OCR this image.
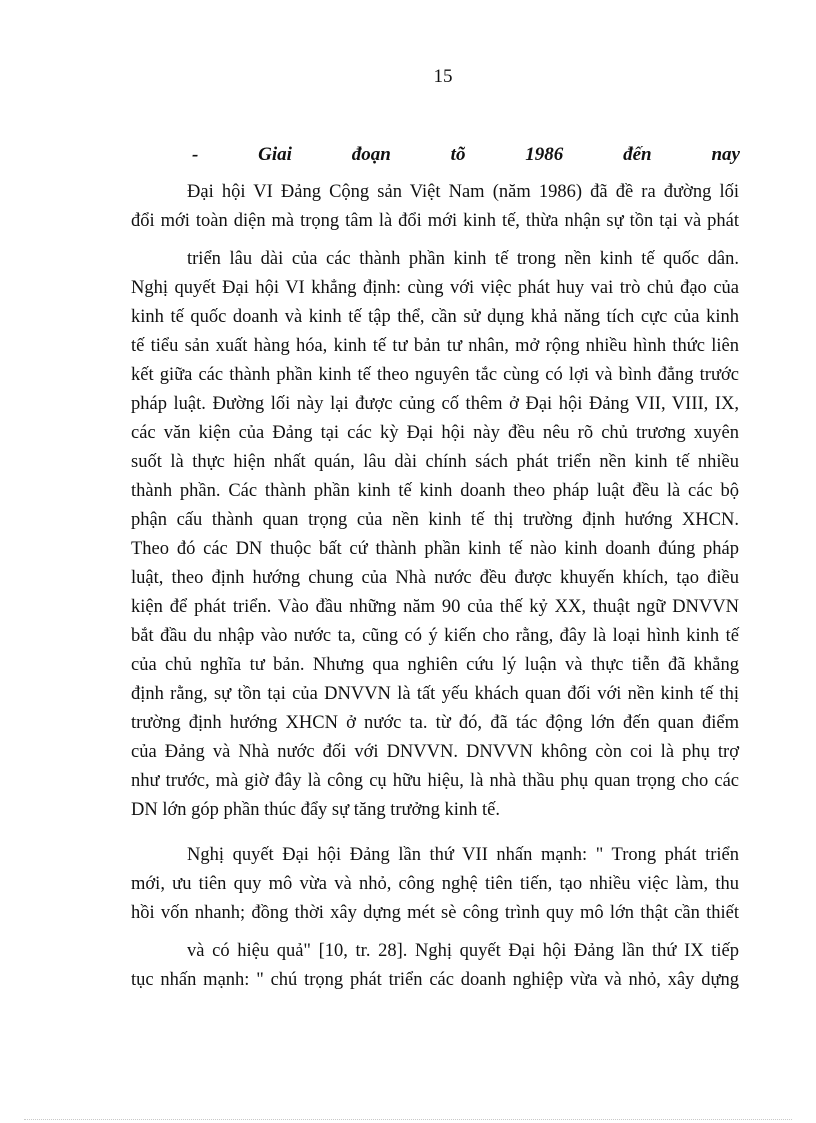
15
-	Giai	đoạn	tõ	1986	đến	nay
Đại hội VI Đảng Cộng sản Việt Nam (năm 1986) đã đề ra đường lối
đổi mới toàn diện mà trọng tâm là đổi mới kinh tế, thừa nhận sự tồn tại và phát
triển lâu dài của các thành phần kinh tế trong nền kinh tế quốc dân.
Nghị quyết Đại hội VI khẳng định: cùng với việc phát huy vai trò chủ đạo của
kinh tế quốc doanh và kinh tế tập thể, cần sử dụng khả năng tích cực của kinh
tế tiểu sản xuất hàng hóa, kinh tế tư bản tư nhân, mở rộng nhiều hình thức liên
kết giữa các thành phần kinh tế theo nguyên tắc cùng có lợi và bình đẳng trước
pháp luật. Đường lối này lại được củng cố thêm ở Đại hội Đảng VII, VIII, IX,
các văn kiện của Đảng tại các kỳ Đại hội này đều nêu rõ chủ trương xuyên
suốt là thực hiện nhất quán, lâu dài chính sách phát triển nền kinh tế nhiều
thành phần. Các thành phần kinh tế kinh doanh theo pháp luật đều là các bộ
phận cấu thành quan trọng của nền kinh tế thị trường định hướng XHCN.
Theo đó các DN thuộc bất cứ thành phần kinh tế nào kinh doanh đúng pháp
luật, theo định hướng chung của Nhà nước đều được khuyến khích, tạo điều
kiện để phát triển. Vào đầu những năm 90 của thế kỷ XX, thuật ngữ DNVVN
bắt đầu du nhập vào nước ta, cũng có ý kiến cho rằng, đây là loại hình kinh tế
của chủ nghĩa tư bản. Nhưng qua nghiên cứu lý luận và thực tiễn đã khẳng
định rằng, sự tồn tại của DNVVN là tất yếu khách quan đối với nền kinh tế thị
trường định hướng XHCN ở nước ta. từ đó, đã tác động lớn đến quan điểm
của Đảng và Nhà nước đối với DNVVN. DNVVN không còn coi là phụ trợ
như trước, mà giờ đây là công cụ hữu hiệu, là nhà thầu phụ quan trọng cho các
DN lớn góp phần thúc đẩy sự tăng trưởng kinh tế.
Nghị quyết Đại hội Đảng lần thứ VII nhấn mạnh: " Trong phát triển
mới, ưu tiên quy mô vừa và nhỏ, công nghệ tiên tiến, tạo nhiều việc làm, thu
hồi vốn nhanh; đồng thời xây dựng mét sè công trình quy mô lớn thật cần thiết
và có hiệu quả" [10, tr. 28]. Nghị quyết Đại hội Đảng lần thứ IX tiếp
tục nhấn mạnh: " chú trọng phát triển các doanh nghiệp vừa và nhỏ, xây dựng
